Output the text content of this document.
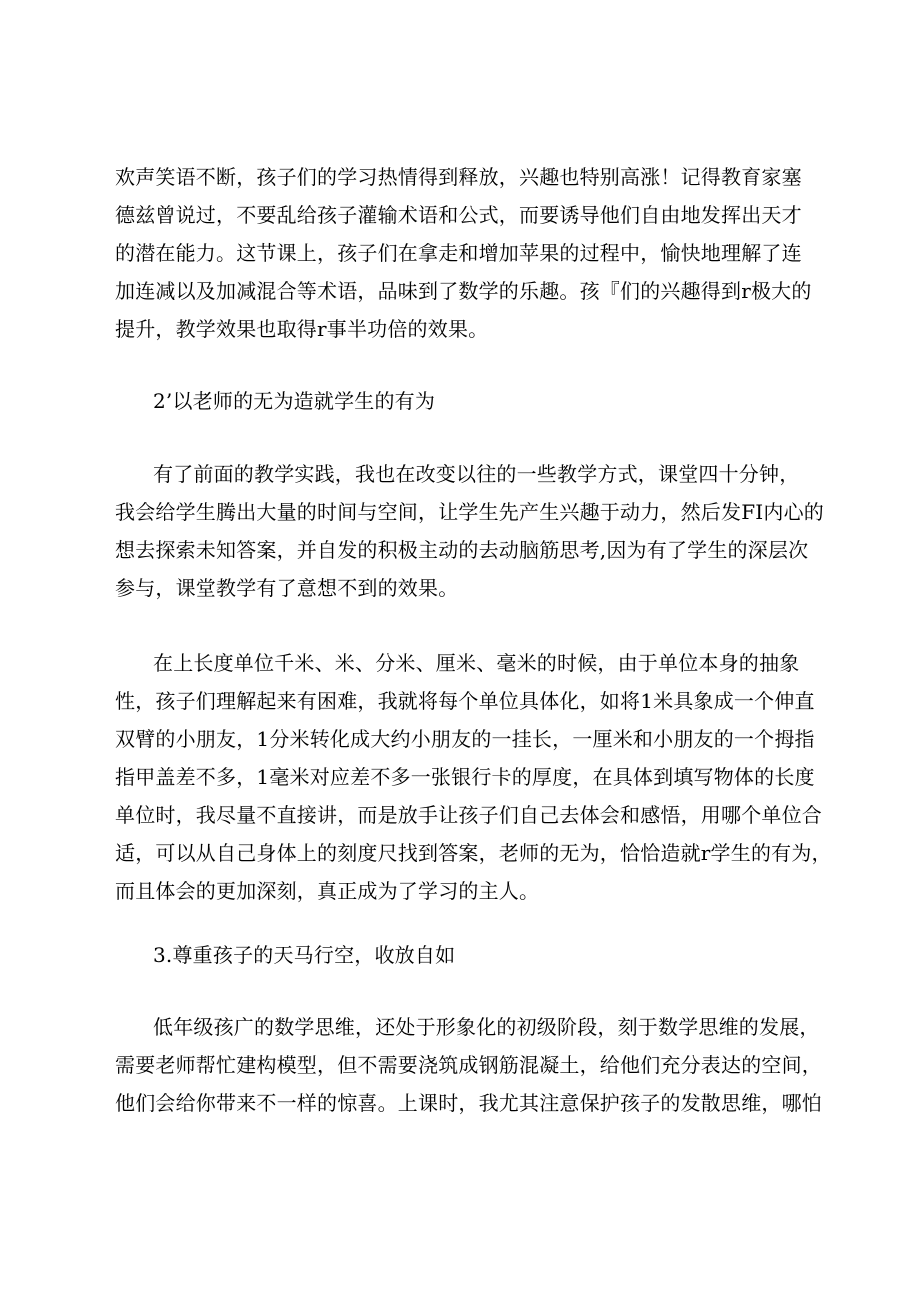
欢声笑语不断，孩子们的学习热情得到释放，兴趣也特别高涨！记得教育家塞

德兹曾说过，不要乱给孩子灌输术语和公式，而要诱导他们自由地发挥出天才

的潜在能力。这节课上，孩子们在拿走和增加苹果的过程中，愉快地理解了连

加连减以及加减混合等术语，品味到了数学的乐趣。孩『们的兴趣得到r极大的

提升，教学效果也取得r事半功倍的效果。

2’以老师的无为造就学生的有为

有了前面的教学实践，我也在改变以往的一些教学方式，课堂四十分钟，

我会给学生腾出大量的时间与空间，让学生先产生兴趣于动力，然后发FI内心的

想去探索未知答案，并自发的积极主动的去动脑筋思考,因为有了学生的深层次

参与，课堂教学有了意想不到的效果。

在上长度单位千米、米、分米、厘米、毫米的时候，由于单位本身的抽象

性，孩子们理解起来有困难，我就将每个单位具体化，如将1米具象成一个伸直

双臂的小朋友，1分米转化成大约小朋友的一挂长，一厘米和小朋友的一个拇指

指甲盖差不多，1毫米对应差不多一张银行卡的厚度，在具体到填写物体的长度

单位时，我尽量不直接讲，而是放手让孩子们自己去体会和感悟，用哪个单位合

适，可以从自己身体上的刻度尺找到答案，老师的无为，恰恰造就r学生的有为，

而且体会的更加深刻，真正成为了学习的主人。

3.尊重孩子的天马行空，收放自如

低年级孩广的数学思维，还处于形象化的初级阶段，刻于数学思维的发展，

需要老师帮忙建构模型，但不需要浇筑成钢筋混凝土，给他们充分表达的空间，

他们会给你带来不一样的惊喜。上课时，我尤其注意保护孩子的发散思维，哪怕
